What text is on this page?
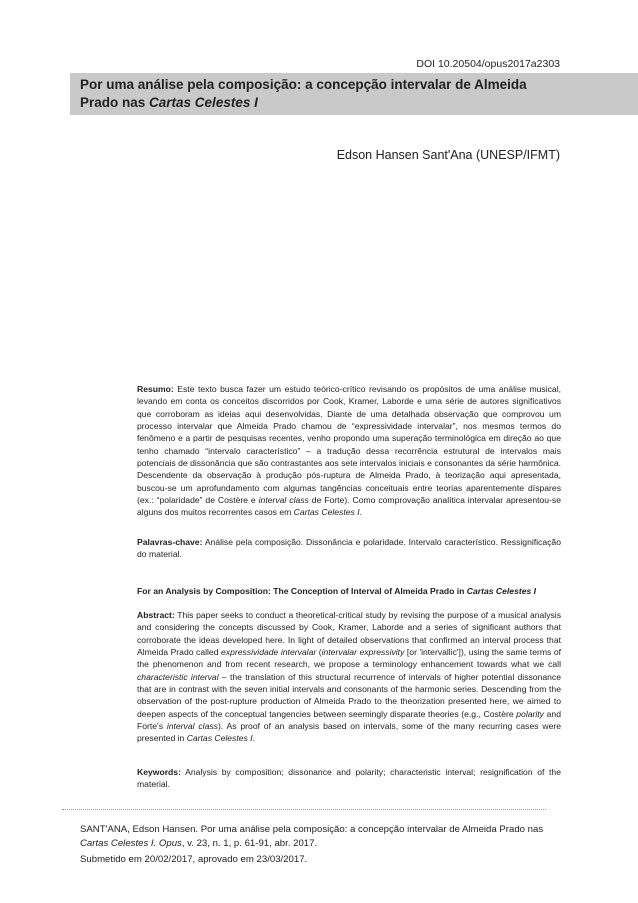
DOI 10.20504/opus2017a2303
Por uma análise pela composição: a concepção intervalar de Almeida Prado nas Cartas Celestes I
Edson Hansen Sant'Ana (UNESP/IFMT)

Resumo: Este texto busca fazer um estudo teórico-crítico revisando os propósitos de uma análise musical, levando em conta os conceitos discorridos por Cook, Kramer, Laborde e uma série de autores significativos que corroboram as ideias aqui desenvolvidas. Diante de uma detalhada observação que comprovou um processo intervalar que Almeida Prado chamou de “expressividade intervalar”, nos mesmos termos do fenômeno e a partir de pesquisas recentes, venho propondo uma superação terminológica em direção ao que tenho chamado “intervalo característico” – a tradução dessa recorrência estrutural de intervalos mais potenciais de dissonância que são contrastantes aos sete intervalos iniciais e consonantes da série harmônica. Descendente da observação à produção pós-ruptura de Almeida Prado, à teorização aqui apresentada, buscou-se um aprofundamento com algumas tangências conceituais entre teorias aparentemente díspares (ex.: “polaridade” de Costère e interval class de Forte). Como comprovação analítica intervalar apresentou-se alguns dos muitos recorrentes casos em Cartas Celestes I.

Palavras-chave: Análise pela composição. Dissonância e polaridade. Intervalo característico. Ressignificação do material.

For an Analysis by Composition: The Conception of Interval of Almeida Prado in Cartas Celestes I

Abstract: This paper seeks to conduct a theoretical-critical study by revising the purpose of a musical analysis and considering the concepts discussed by Cook, Kramer, Laborde and a series of significant authors that corroborate the ideas developed here. In light of detailed observations that confirmed an interval process that Almeida Prado called expressividade intervalar (intervalar expressivity [or 'intervallic']), using the same terms of the phenomenon and from recent research, we propose a terminology enhancement towards what we call characteristic interval – the translation of this structural recurrence of intervals of higher potential dissonance that are in contrast with the seven initial intervals and consonants of the harmonic series. Descending from the observation of the post-rupture production of Almeida Prado to the theorization presented here, we aimed to deepen aspects of the conceptual tangencies between seemingly disparate theories (e.g., Costère polarity and Forte's interval class). As proof of an analysis based on intervals, some of the many recurring cases were presented in Cartas Celestes I.

Keywords: Analysis by composition; dissonance and polarity; characteristic interval; resignification of the material.

SANT'ANA, Edson Hansen. Por uma análise pela composição: a concepção intervalar de Almeida Prado nas Cartas Celestes I. Opus, v. 23, n. 1, p. 61-91, abr. 2017.
Submetido em 20/02/2017, aprovado em 23/03/2017.
